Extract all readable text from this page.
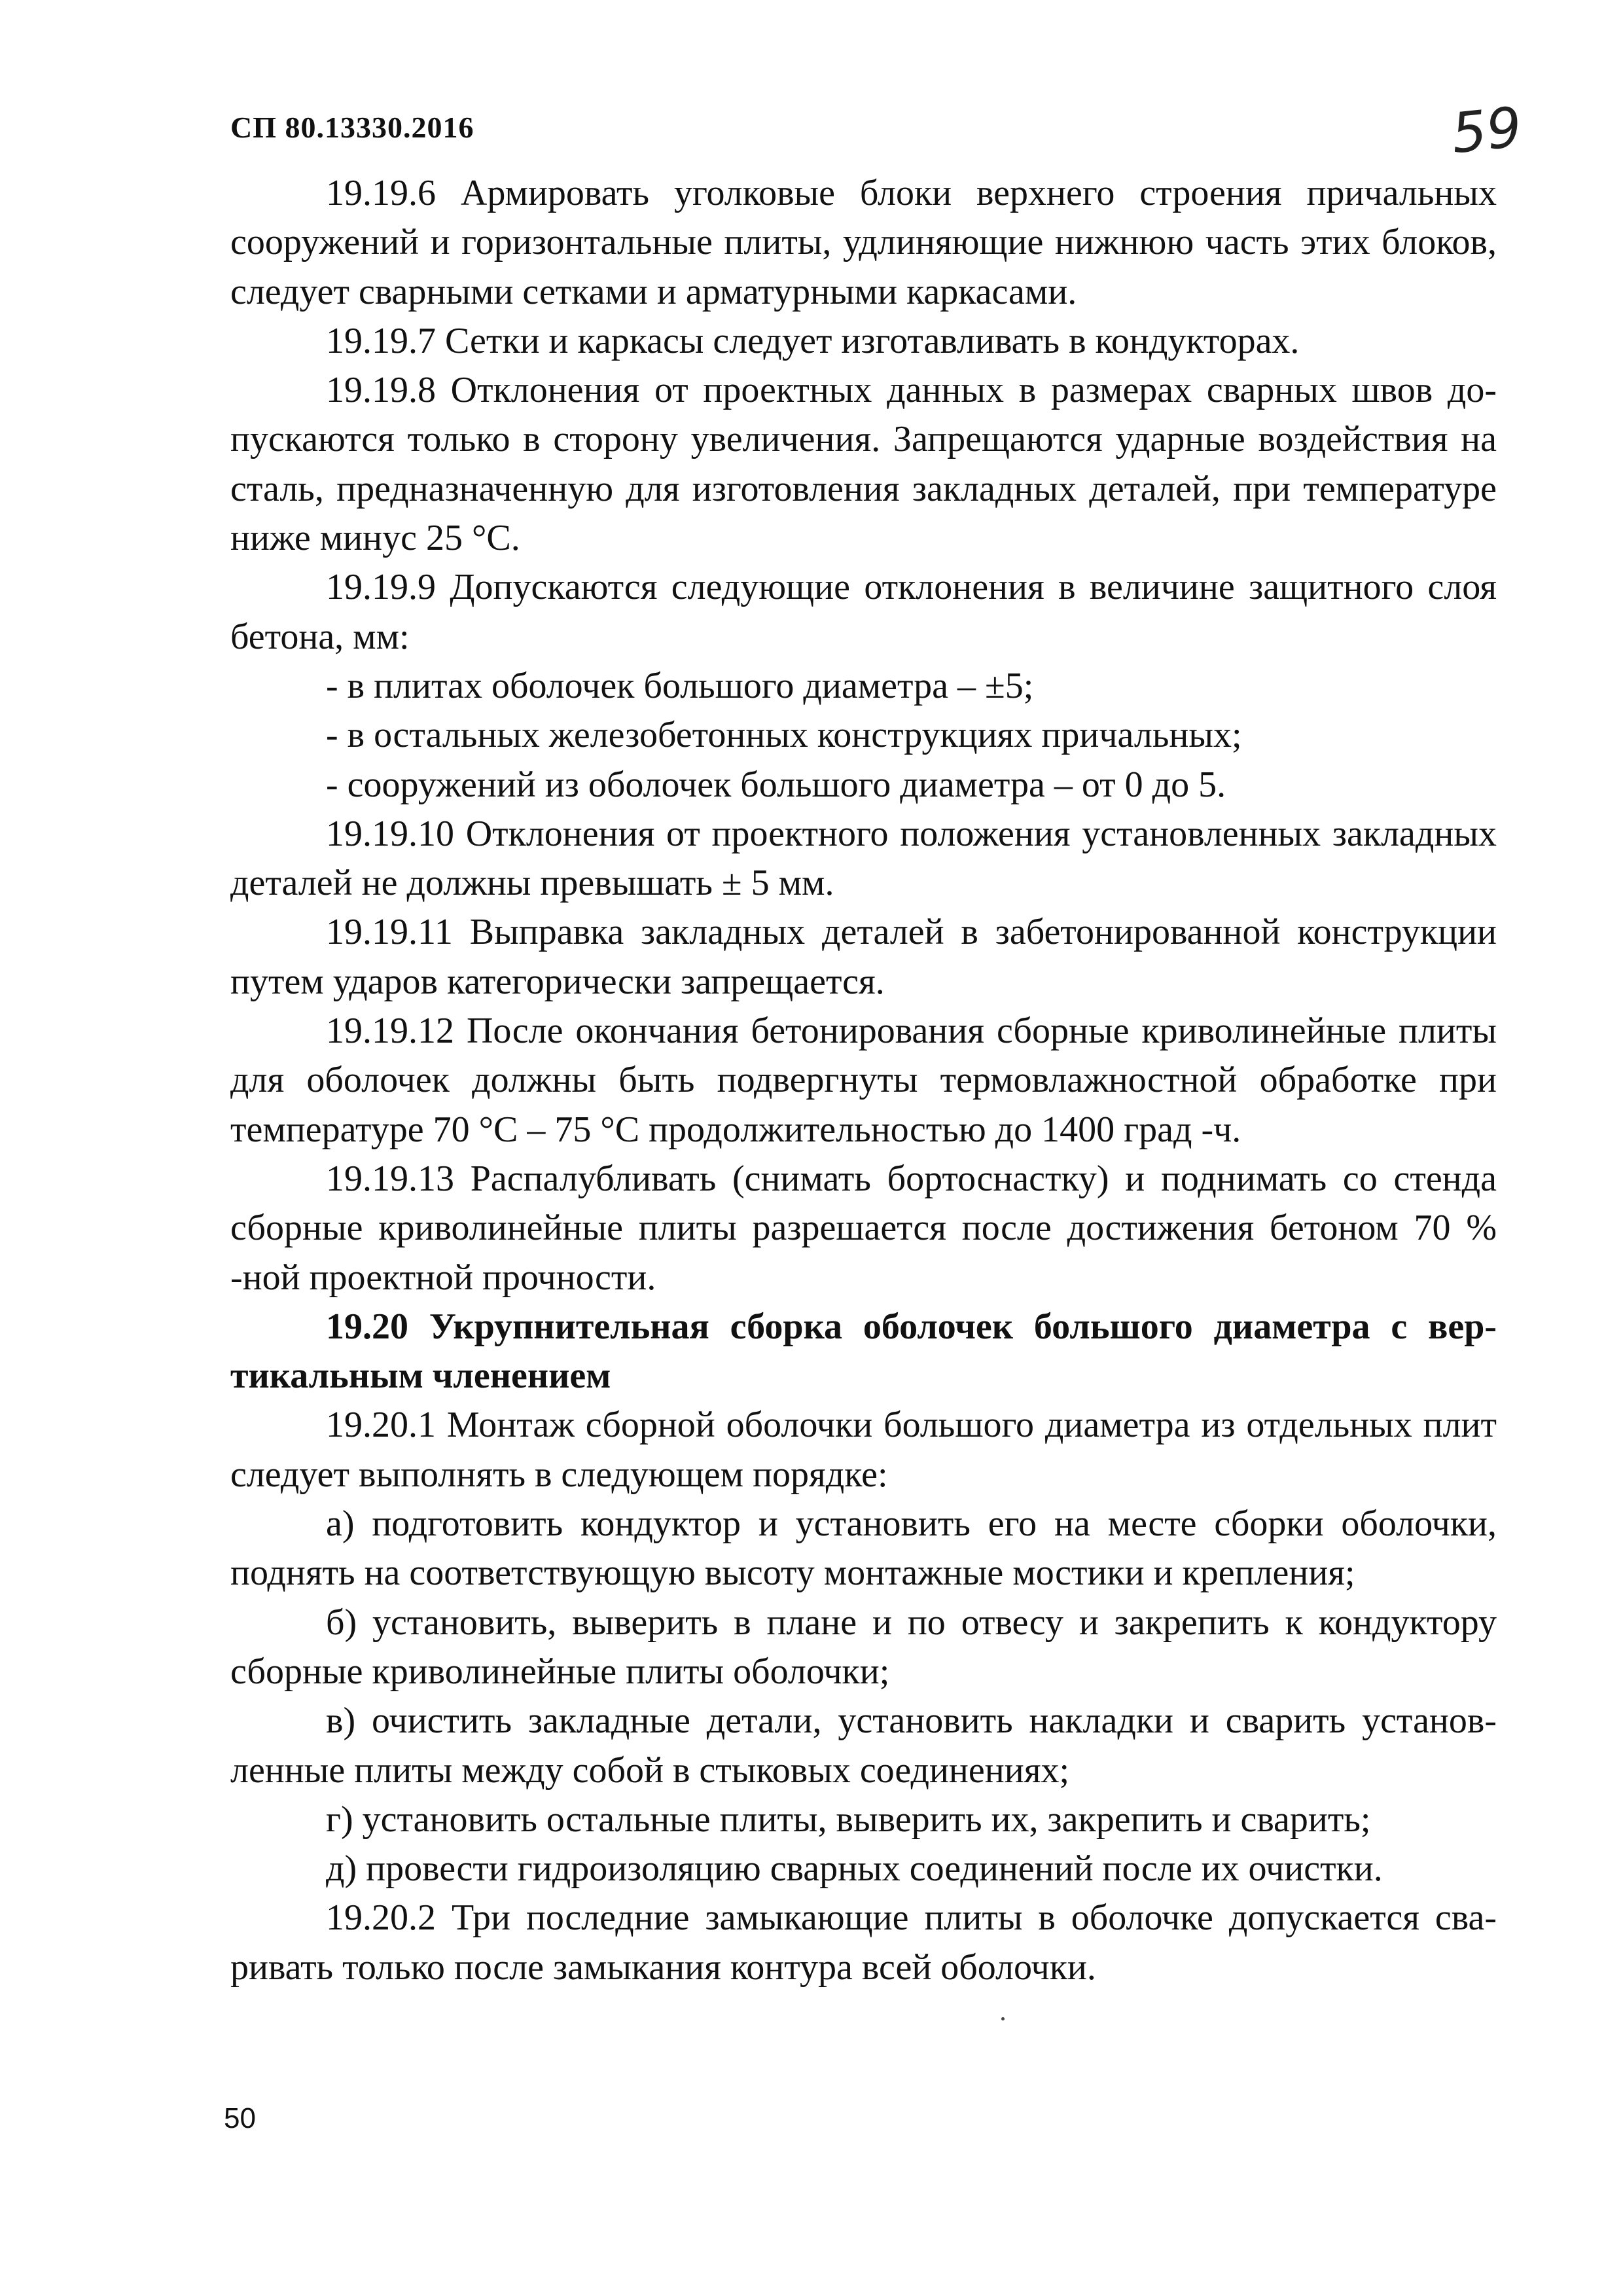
СП 80.13330.2016	59

19.19.6 Армировать уголковые блоки верхнего строения причальных сооружений и горизонтальные плиты, удлиняющие нижнюю часть этих блоков, следует сварными сетками и арматурными каркасами.

19.19.7 Сетки и каркасы следует изготавливать в кондукторах.

19.19.8 Отклонения от проектных данных в размерах сварных швов допускаются только в сторону увеличения. Запрещаются ударные воздействия на сталь, предназначенную для изготовления закладных деталей, при температуре ниже минус 25 °С.

19.19.9 Допускаются следующие отклонения в величине защитного слоя бетона, мм:

- в плитах оболочек большого диаметра – ±5;

- в остальных железобетонных конструкциях причальных;

- сооружений из оболочек большого диаметра – от 0 до 5.

19.19.10 Отклонения от проектного положения установленных закладных деталей не должны превышать ± 5 мм.

19.19.11 Выправка закладных деталей в забетонированной конструкции путем ударов категорически запрещается.

19.19.12 После окончания бетонирования сборные криволинейные плиты для оболочек должны быть подвергнуты термовлажностной обработке при температуре 70 °С – 75 °С продолжительностью до 1400 град -ч.

19.19.13 Распалубливать (снимать бортоснастку) и поднимать со стенда сборные криволинейные плиты разрешается после достижения бетоном 70 % -ной проектной прочности.

19.20 Укрупнительная сборка оболочек большого диаметра с вертикальным членением

19.20.1 Монтаж сборной оболочки большого диаметра из отдельных плит следует выполнять в следующем порядке:

а) подготовить кондуктор и установить его на месте сборки оболочки, поднять на соответствующую высоту монтажные мостики и крепления;

б) установить, выверить в плане и по отвесу и закрепить к кондуктору сборные криволинейные плиты оболочки;

в) очистить закладные детали, установить накладки и сварить установленные плиты между собой в стыковых соединениях;

г) установить остальные плиты, выверить их, закрепить и сварить;

д) провести гидроизоляцию сварных соединений после их очистки.

19.20.2 Три последние замыкающие плиты в оболочке допускается сваривать только после замыкания контура всей оболочки.

50
